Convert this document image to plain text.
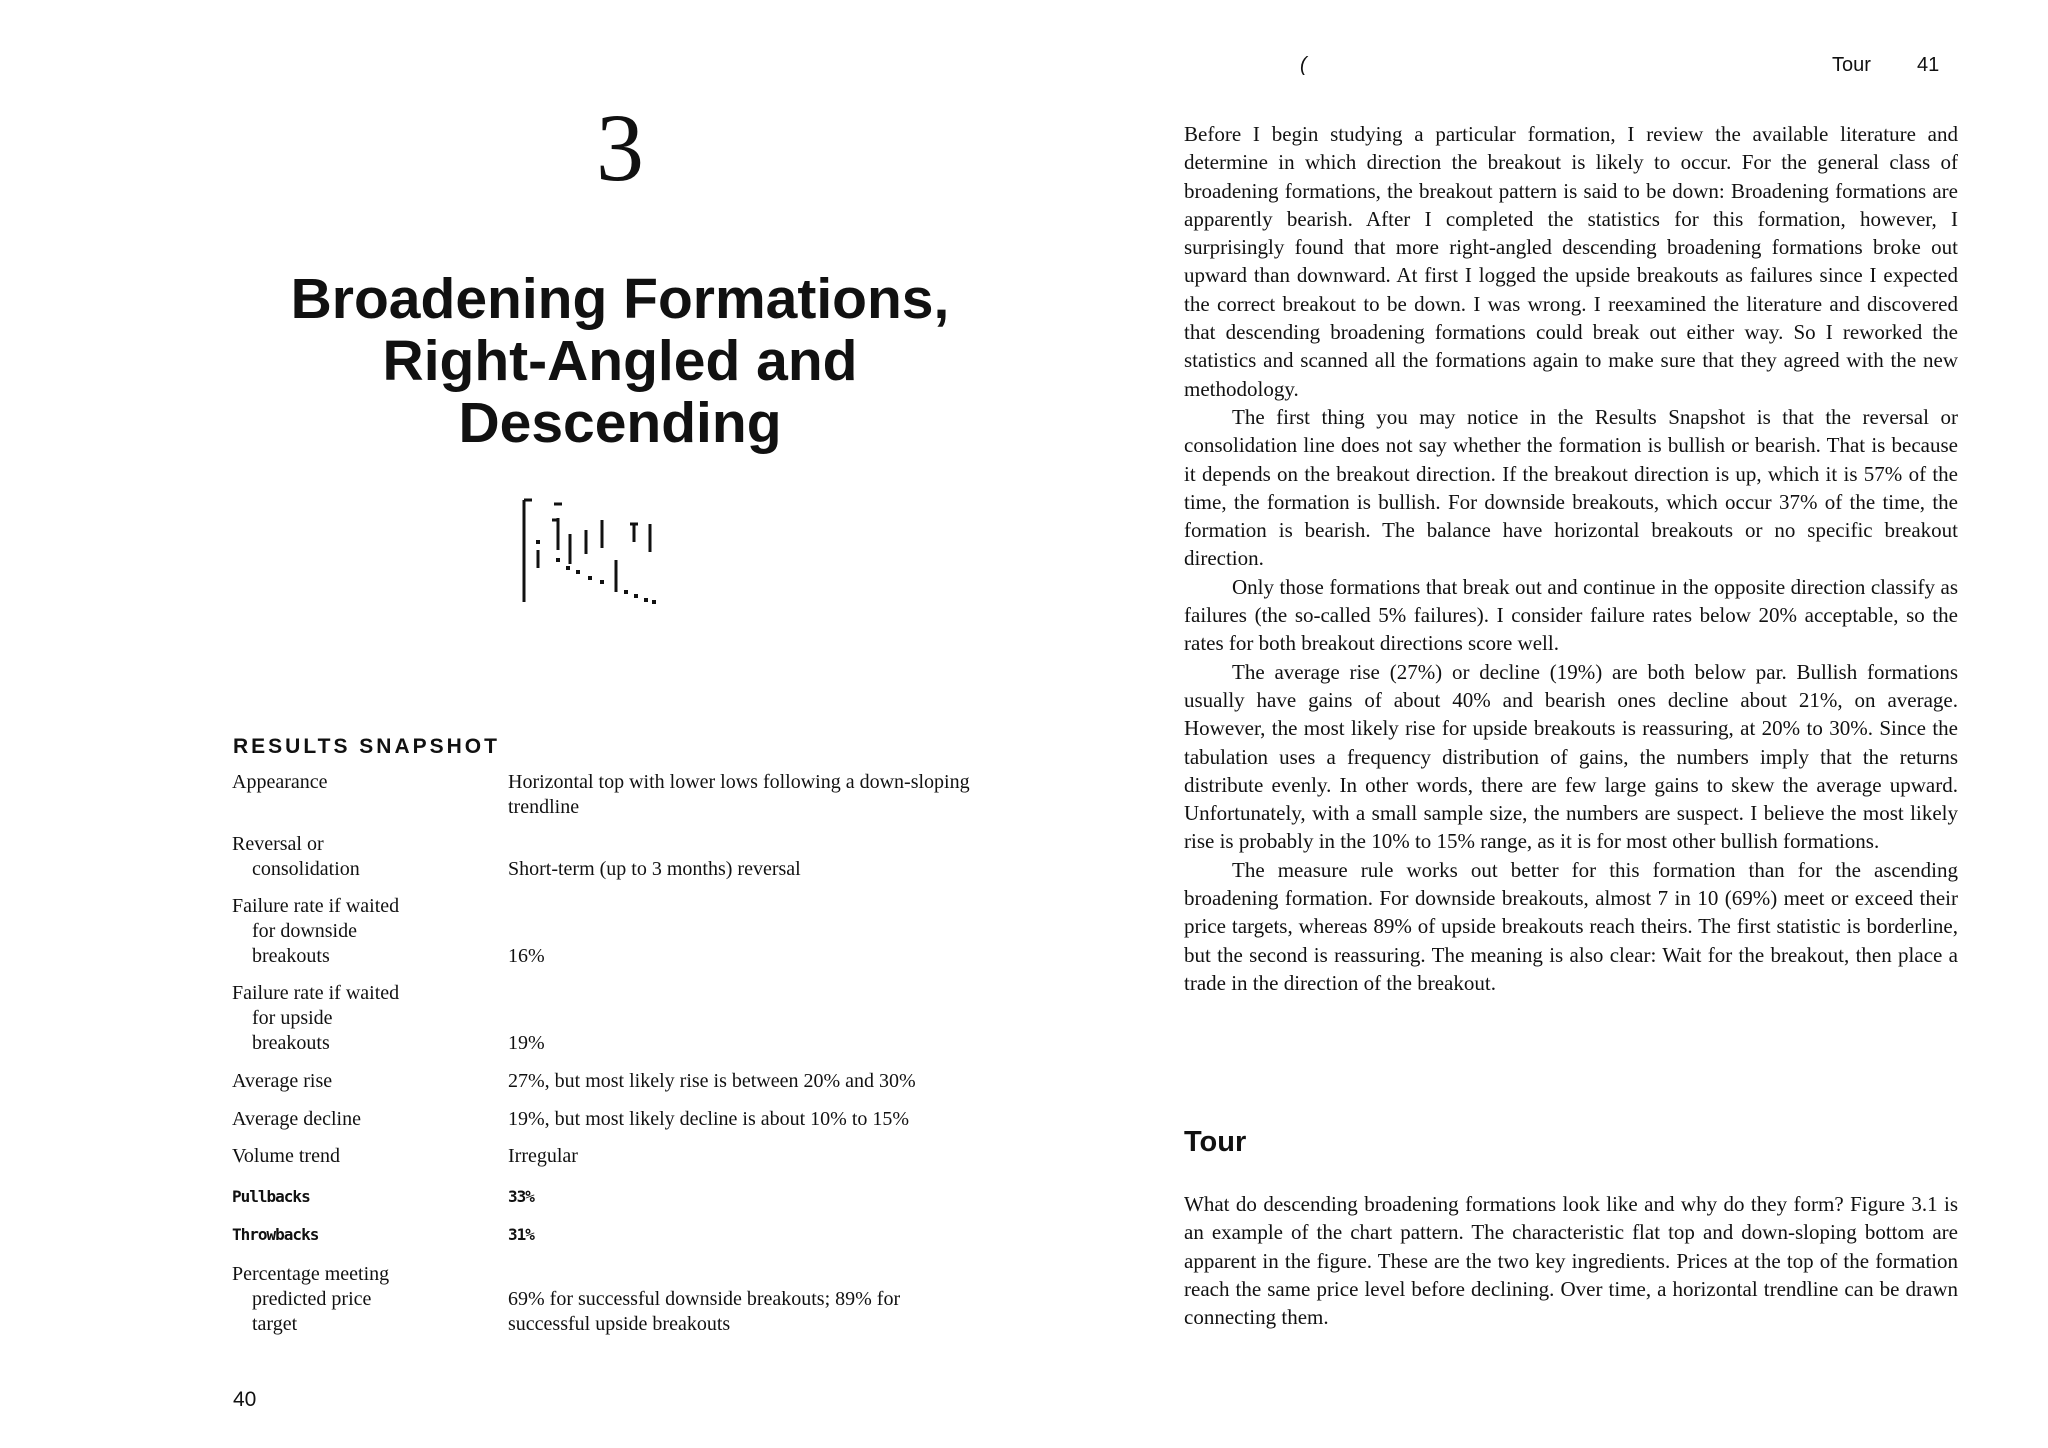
3
Broadening Formations,
Right-Angled and
Descending
RESULTS SNAPSHOT
Appearance	Horizontal top with lower lows following a down-sloping trendline
Reversal or
consolidation	Short-term (up to 3 months) reversal
Failure rate if waited
for downside
breakouts	16%
Failure rate if waited
for upside
breakouts	19%
Average rise	27%, but most likely rise is between 20% and 30%
Average decline	19%, but most likely decline is about 10% to 15%
Volume trend	Irregular
Pullbacks	33%
Throwbacks	31%
Percentage meeting
predicted price
target
69% for successful downside breakouts; 89% for successful upside breakouts
40
(	Tour 41

Before I begin studying a particular formation, I review the available literature and determine in which direction the breakout is likely to occur. For the general class of broadening formations, the breakout pattern is said to be down: Broadening formations are apparently bearish. After I completed the statistics for this formation, however, I surprisingly found that more right-angled descending broadening formations broke out upward than downward. At first I logged the upside breakouts as failures since I expected the correct breakout to be down. I was wrong. I reexamined the literature and discovered that descending broadening formations could break out either way. So I reworked the statistics and scanned all the formations again to make sure that they agreed with the new methodology.

The first thing you may notice in the Results Snapshot is that the reversal or consolidation line does not say whether the formation is bullish or bearish. That is because it depends on the breakout direction. If the breakout direction is up, which it is 57% of the time, the formation is bullish. For downside breakouts, which occur 37% of the time, the formation is bearish. The balance have horizontal breakouts or no specific breakout direction.

Only those formations that break out and continue in the opposite direction classify as failures (the so-called 5% failures). I consider failure rates below 20% acceptable, so the rates for both breakout directions score well.

The average rise (27%) or decline (19%) are both below par. Bullish formations usually have gains of about 40% and bearish ones decline about 21%, on average. However, the most likely rise for upside breakouts is reassuring, at 20% to 30%. Since the tabulation uses a frequency distribution of gains, the numbers imply that the returns distribute evenly. In other words, there are few large gains to skew the average upward. Unfortunately, with a small sample size, the numbers are suspect. I believe the most likely rise is probably in the 10% to 15% range, as it is for most other bullish formations.

The measure rule works out better for this formation than for the ascending broadening formation. For downside breakouts, almost 7 in 10 (69%) meet or exceed their price targets, whereas 89% of upside breakouts reach theirs. The first statistic is borderline, but the second is reassuring. The meaning is also clear: Wait for the breakout, then place a trade in the direction of the breakout.

Tour

What do descending broadening formations look like and why do they form? Figure 3.1 is an example of the chart pattern. The characteristic flat top and down-sloping bottom are apparent in the figure. These are the two key ingredients. Prices at the top of the formation reach the same price level before declining. Over time, a horizontal trendline can be drawn connecting them.
